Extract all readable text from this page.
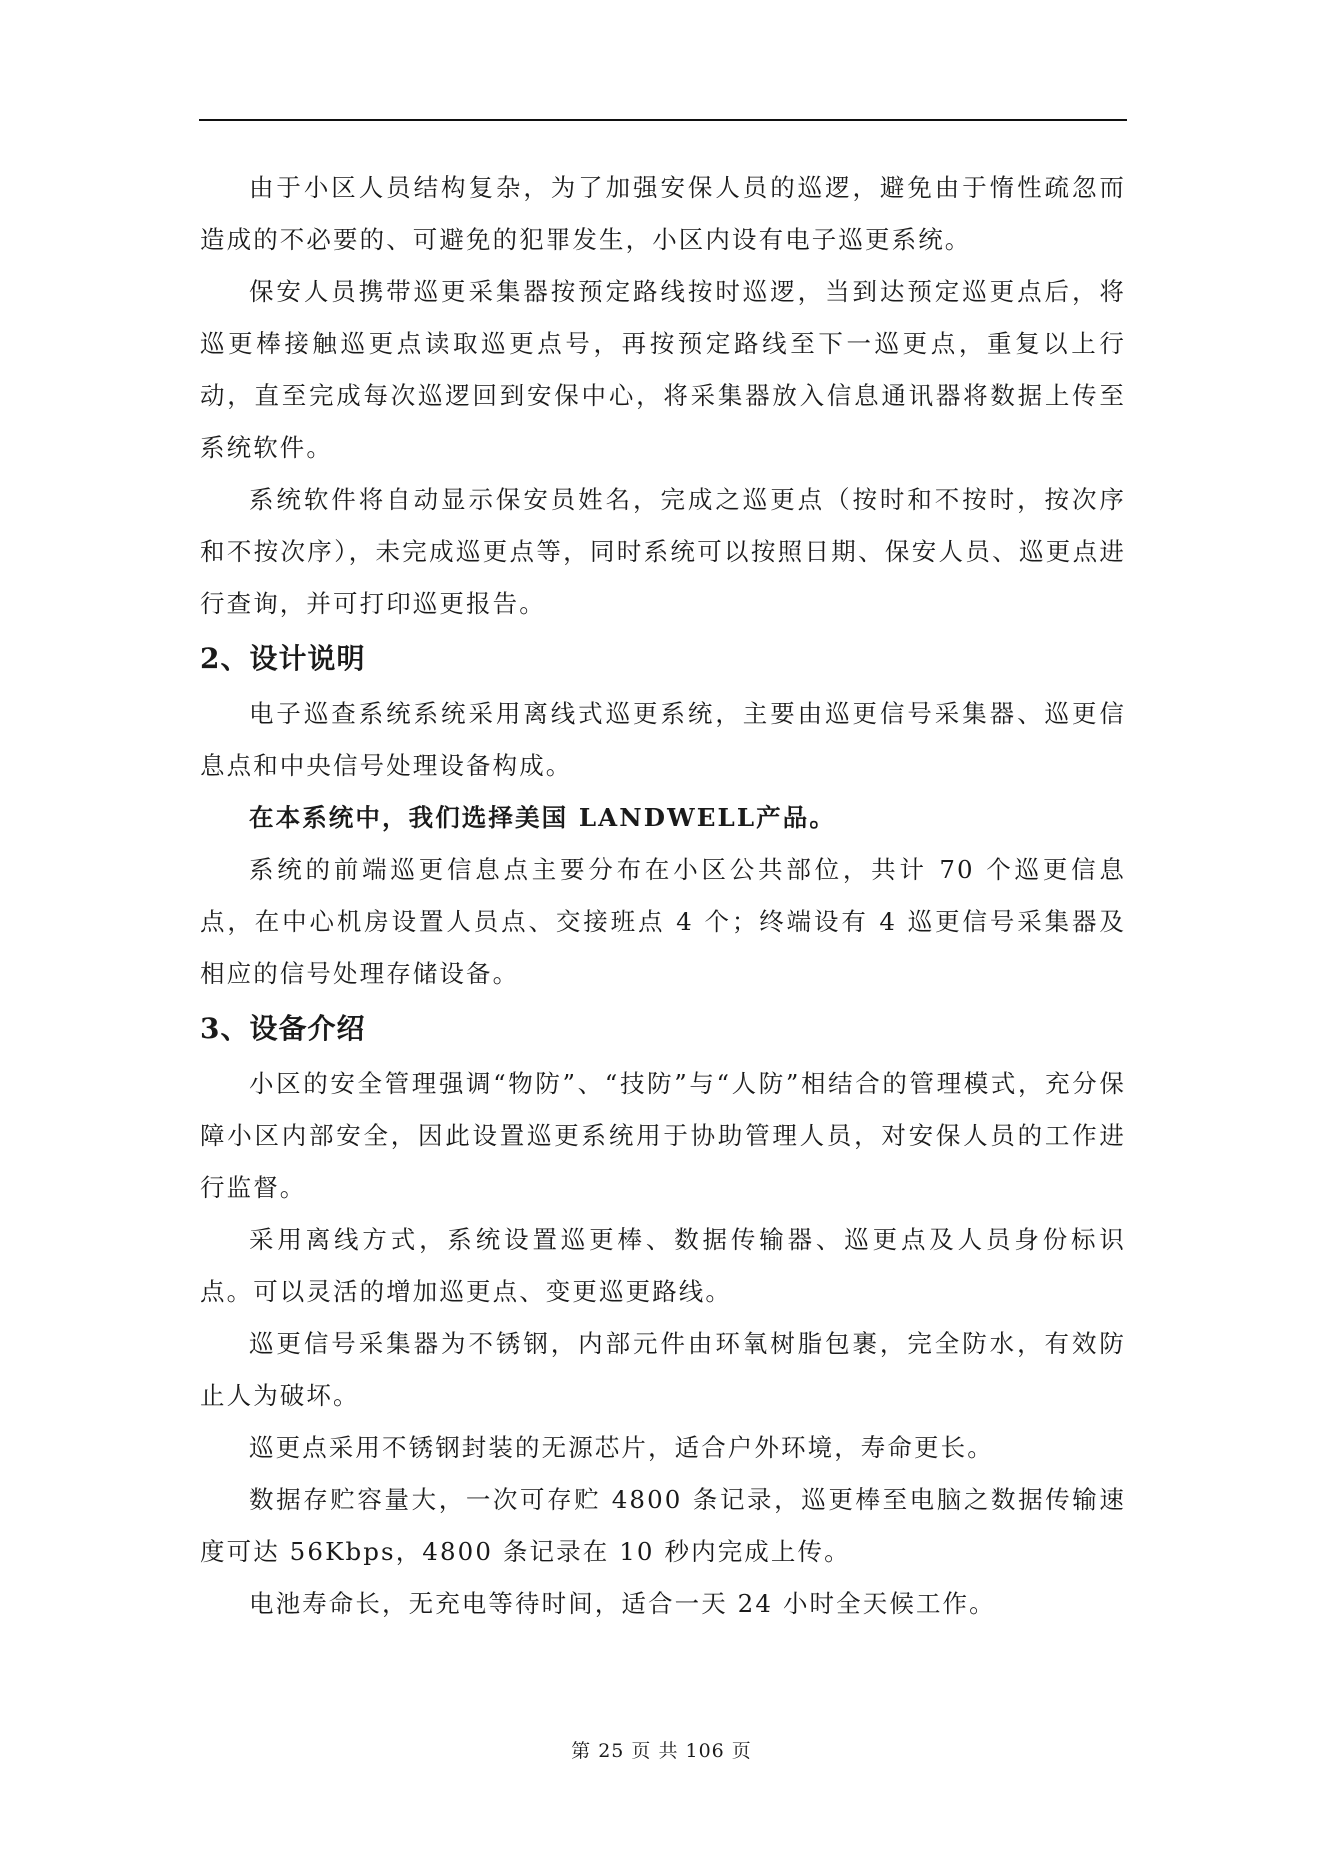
由于小区人员结构复杂，为了加强安保人员的巡逻，避免由于惰性疏忽而造成的不必要的、可避免的犯罪发生，小区内设有电子巡更系统。

保安人员携带巡更采集器按预定路线按时巡逻，当到达预定巡更点后，将巡更棒接触巡更点读取巡更点号，再按预定路线至下一巡更点，重复以上行动，直至完成每次巡逻回到安保中心，将采集器放入信息通讯器将数据上传至系统软件。

系统软件将自动显示保安员姓名，完成之巡更点（按时和不按时，按次序和不按次序），未完成巡更点等，同时系统可以按照日期、保安人员、巡更点进行查询，并可打印巡更报告。

2、设计说明

电子巡查系统系统采用离线式巡更系统，主要由巡更信号采集器、巡更信息点和中央信号处理设备构成。

在本系统中，我们选择美国 LANDWELL产品。

系统的前端巡更信息点主要分布在小区公共部位，共计 70 个巡更信息点，在中心机房设置人员点、交接班点 4 个；终端设有 4 巡更信号采集器及相应的信号处理存储设备。

3、设备介绍

小区的安全管理强调“物防”、“技防”与“人防”相结合的管理模式，充分保障小区内部安全，因此设置巡更系统用于协助管理人员，对安保人员的工作进行监督。

采用离线方式，系统设置巡更棒、数据传输器、巡更点及人员身份标识点。可以灵活的增加巡更点、变更巡更路线。

巡更信号采集器为不锈钢，内部元件由环氧树脂包裹，完全防水，有效防止人为破坏。

巡更点采用不锈钢封装的无源芯片，适合户外环境，寿命更长。

数据存贮容量大，一次可存贮 4800 条记录，巡更棒至电脑之数据传输速度可达 56Kbps，4800 条记录在 10 秒内完成上传。

电池寿命长，无充电等待时间，适合一天 24 小时全天候工作。

第 25 页 共 106 页
